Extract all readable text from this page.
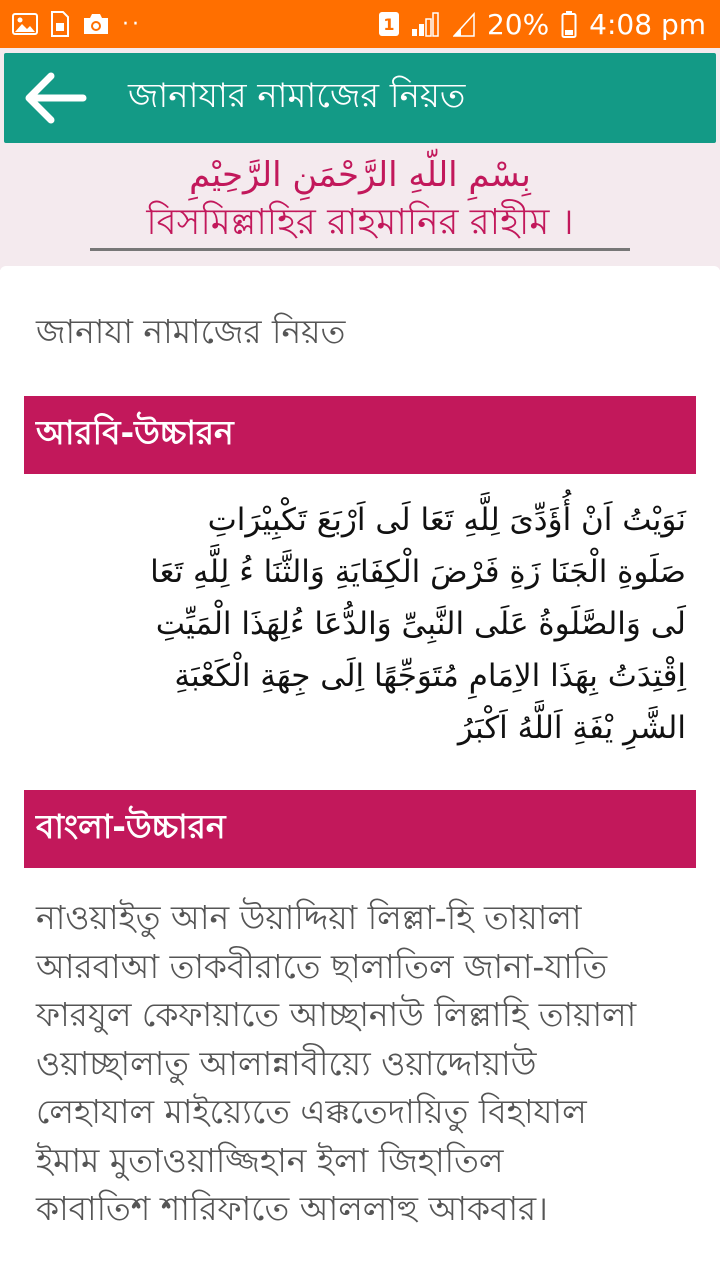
··	1	20% 4:08 pm
জানাযার নামাজের নিয়ত
بِسْمِ اللّهِ الرَّحْمَنِ الرَّحِيْمِ
বিসমিল্লাহির রাহমানির রাহীম ।
জানাযা নামাজের নিয়ত
আরবি-উচ্চারন
نَوَيْتُ اَنْ أُؤَدِّىَ لِلَّهِ تَعَا لَى اَرْبَعَ تَكْبِيْرَاتِ
صَلَوةِ الْجَنَا زَةِ فَرْضَ الْكِفَايَةِ وَالثَّنَا ءُ لِلَّهِ تَعَا
لَى وَالصَّلَوةُ عَلَى النَّبِىِّ وَالدُّعَا ءُلِهَذَا الْمَيِّتِ
اِقْتِدَتُ بِهَذَا الاِمَامِ مُتَوَجِّهًا اِلَى جِهَةِ الْكَعْبَةِ
الشَّرِ يْفَةِ اَللَّهُ اَكْبَرُ
বাংলা-উচ্চারন
নাওয়াইতু আন উয়াদ্দিয়া লিল্লা-হি তায়ালা
আরবাআ তাকবীরাতে ছালাতিল জানা-যাতি
ফারযুল কেফায়াতে আচ্ছানাউ লিল্লাহি তায়ালা
ওয়াচ্ছালাতু আলান্নাবীয়্যে ওয়াদ্দোয়াউ
লেহাযাল মাইয়্যেতে এক্কতেদায়িতু বিহাযাল
ইমাম মুতাওয়াজ্জিহান ইলা জিহাতিল
কাবাতিশ শারিফাতে আললাহু আকবার।
